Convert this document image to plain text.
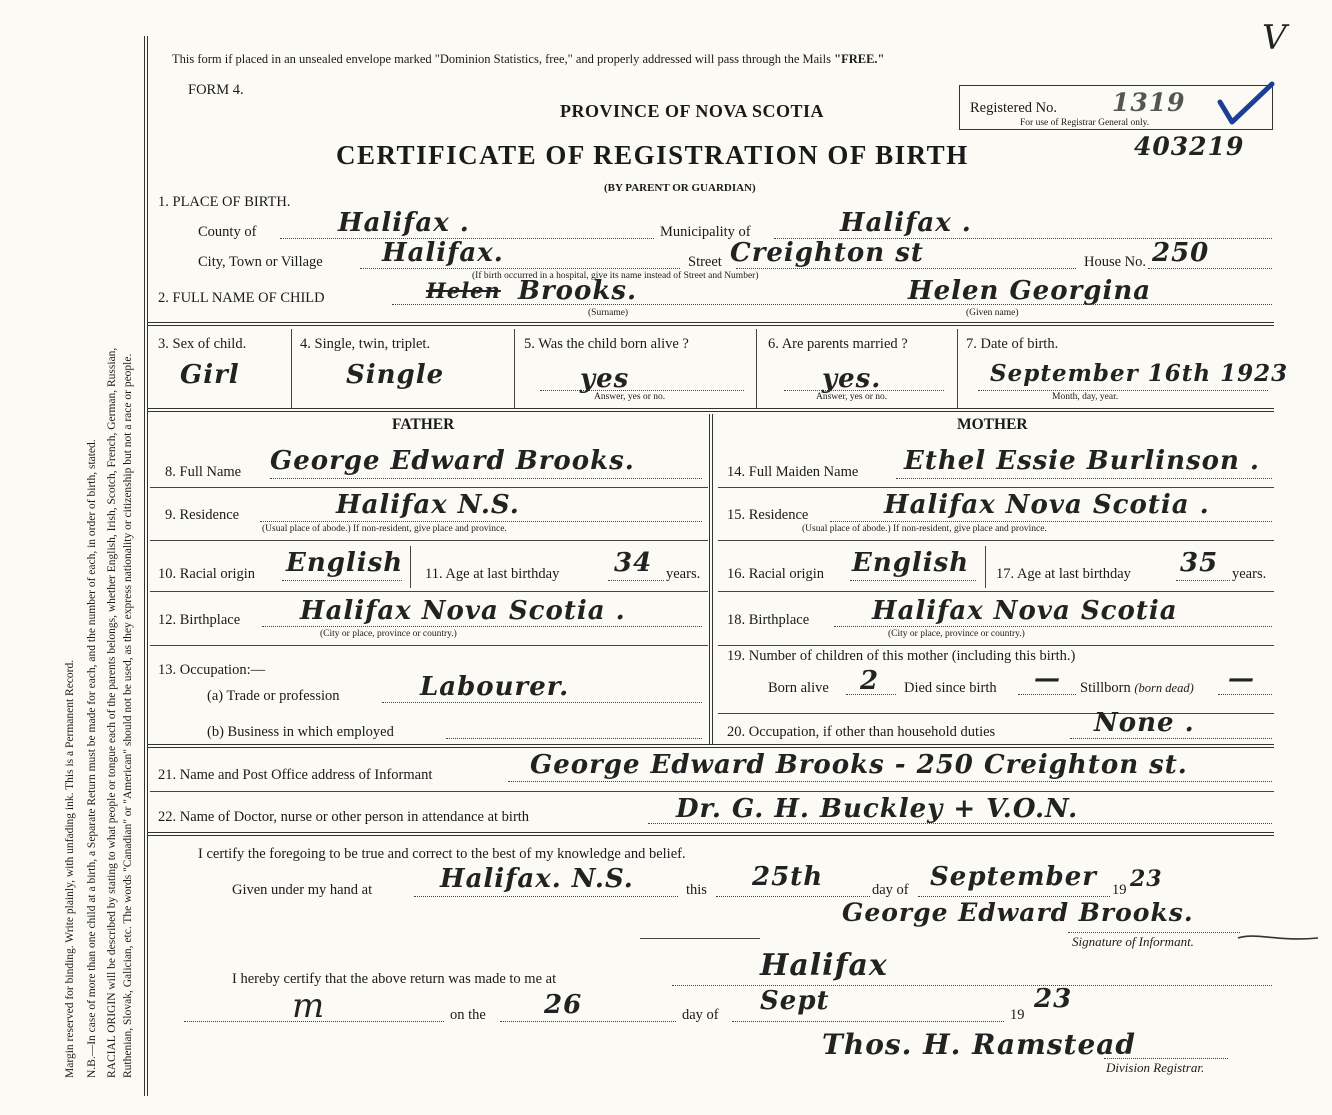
Margin reserved for binding. Write plainly, with unfading ink. This is a Permanent Record. N.B.—In case of more than one child at a birth, a Separate Return must be made for each, and the number of each, in order of birth, stated. RACIAL ORIGIN will be described by stating to what people or tongue each of the parents belongs, whether English, Irish, Scotch, French, German, Russian, Ruthenian, Slovak, Galician, etc. The words "Canadian" or "American" should not be used, as they express nationality or citizenship but not a race or people.
This form if placed in an unsealed envelope marked "Dominion Statistics, free," and properly addressed will pass through the Mails "FREE."
FORM 4.
PROVINCE OF NOVA SCOTIA
CERTIFICATE OF REGISTRATION OF BIRTH
(BY PARENT OR GUARDIAN)
Registered No. 1319
For use of Registrar General only.
403219
V
1. PLACE OF BIRTH.
County of	Halifax .	Municipality of	Halifax .
City, Town or Village Halifax.	Street Creighton st	House No. 250
(If birth occurred in a hospital, give its name instead of Street and Number)
2. FULL NAME OF CHILD	Helen Brooks.
(Surname)
Helen Georgina
(Given name)
3. Sex of child.
Girl
4. Single, twin, triplet.
Single
5. Was the child born alive ?
yes
Answer, yes or no.
6. Are parents married ?
yes.
Answer, yes or no.
7. Date of birth.
September 16th 1923
Month, day, year.
FATHER	MOTHER
8. Full Name George Edward Brooks.	14. Full Maiden Name Ethel Essie Burlinson .
9. Residence	Halifax N.S.
(Usual place of abode.) If non-resident, give place and province.
15. Residence	Halifax Nova Scotia .
(Usual place of abode.) If non-resident, give place and province.
10. Racial origin English 11. Age at last birthday 34 years. 16. Racial origin English 17. Age at last birthday 35 years.
12. Birthplace Halifax Nova Scotia .
(City or place, province or country.)
18. Birthplace Halifax Nova Scotia
(City or place, province or country.)
13. Occupation:—
(a) Trade or profession	Labourer.
(b) Business in which employed
19. Number of children of this mother (including this birth.)
Born alive 2 Died since birth — Stillborn (born dead) —
20. Occupation, if other than household duties	None .
21. Name and Post Office address of Informant	George Edward Brooks - 250 Creighton st.
22. Name of Doctor, nurse or other person in attendance at birth	Dr. G. H. Buckley + V.O.N.
I certify the foregoing to be true and correct to the best of my knowledge and belief.
Given under my hand at	Halifax. N.S.	this 25th	day of September 19 23
George Edward Brooks.
Signature of Informant.
I hereby certify that the above return was made to me at	Halifax
m	on the 26	day of Sept	19
23
Thos. H. Ramstead
Division Registrar.
